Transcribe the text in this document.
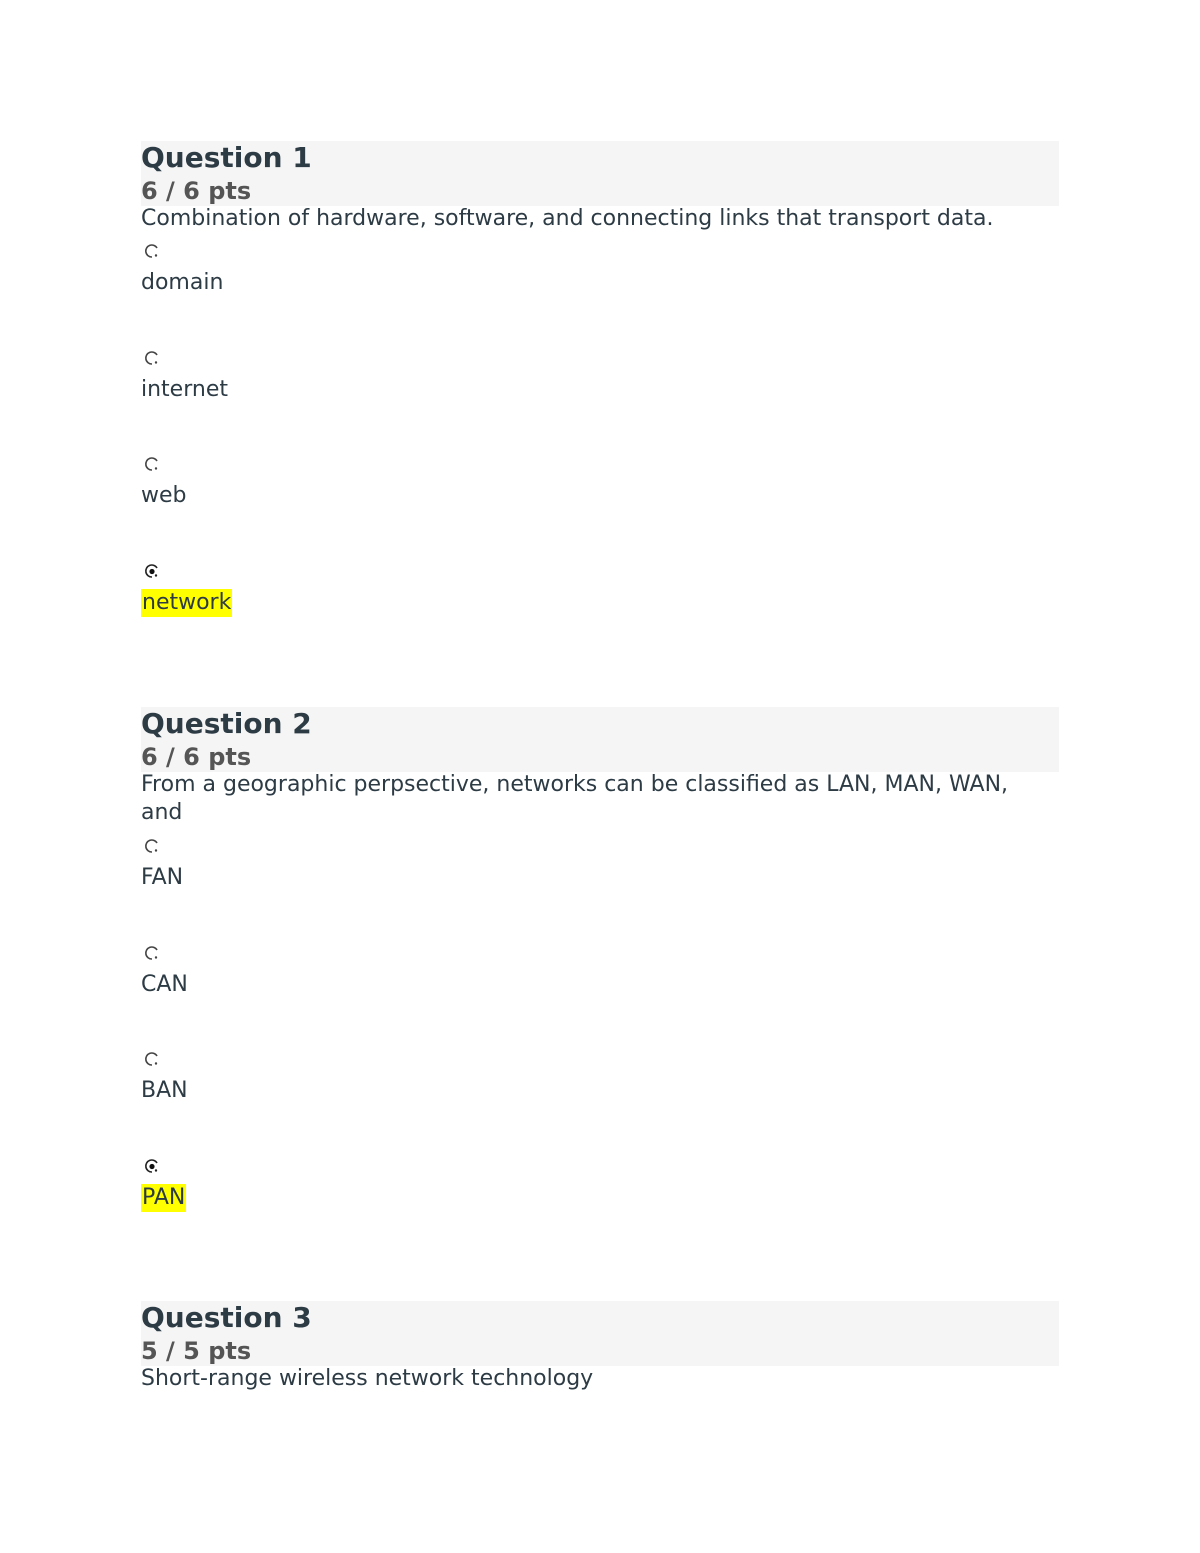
Question 1
6 / 6 pts
Combination of hardware, software, and connecting links that transport data.
domain
internet
web
network
Question 2
6 / 6 pts
From a geographic perpsective, networks can be classified as LAN, MAN, WAN, and
FAN
CAN
BAN
PAN
Question 3
5 / 5 pts
Short-range wireless network technology
